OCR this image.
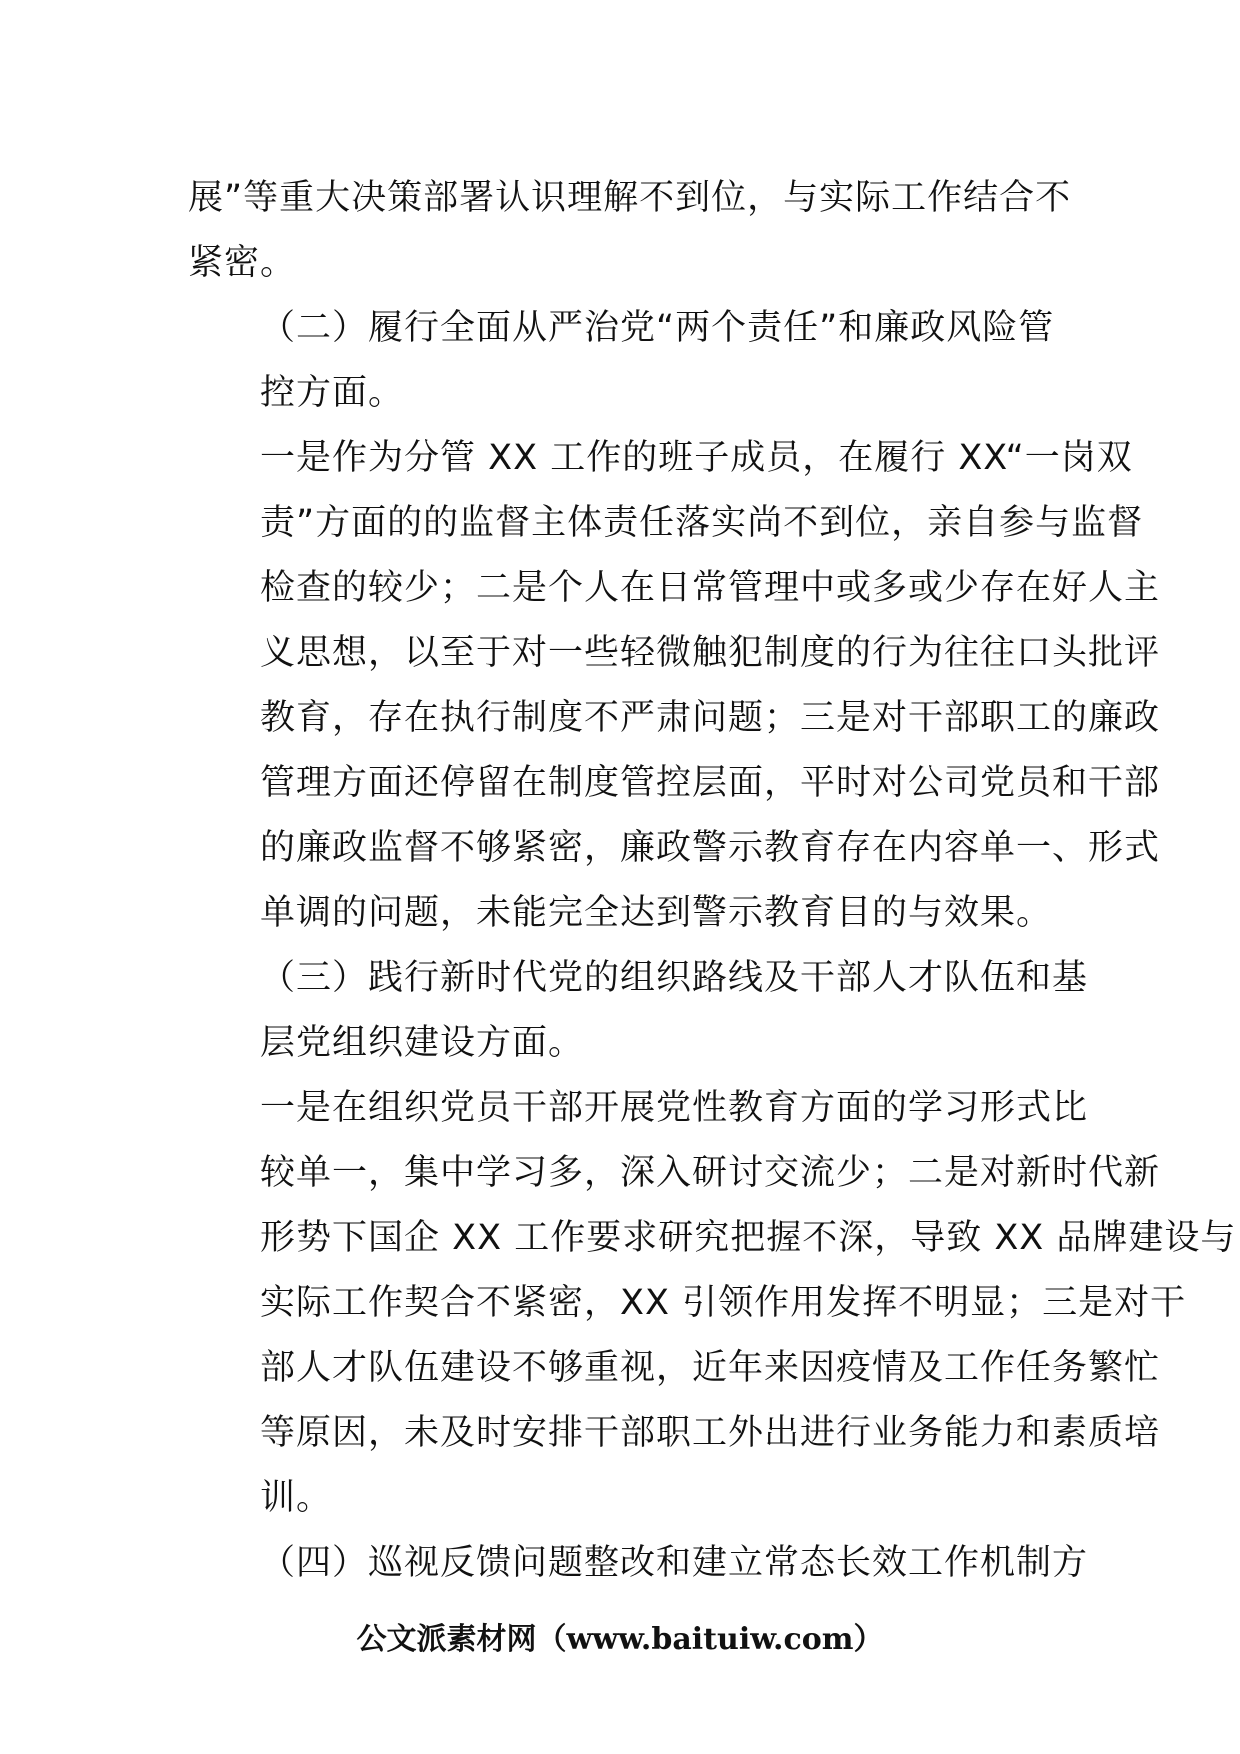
展”等重大决策部署认识理解不到位，与实际工作结合不
紧密。

（二）履行全面从严治党“两个责任”和廉政风险管
控方面。

一是作为分管 XX 工作的班子成员，在履行 XX“一岗双
责”方面的的监督主体责任落实尚不到位，亲自参与监督
检查的较少；二是个人在日常管理中或多或少存在好人主
义思想，以至于对一些轻微触犯制度的行为往往口头批评
教育，存在执行制度不严肃问题；三是对干部职工的廉政
管理方面还停留在制度管控层面，平时对公司党员和干部
的廉政监督不够紧密，廉政警示教育存在内容单一、形式
单调的问题，未能完全达到警示教育目的与效果。

（三）践行新时代党的组织路线及干部人才队伍和基
层党组织建设方面。

一是在组织党员干部开展党性教育方面的学习形式比
较单一，集中学习多，深入研讨交流少；二是对新时代新
形势下国企 XX 工作要求研究把握不深，导致 XX 品牌建设与
实际工作契合不紧密，XX 引领作用发挥不明显；三是对干
部人才队伍建设不够重视，近年来因疫情及工作任务繁忙
等原因，未及时安排干部职工外出进行业务能力和素质培
训。

（四）巡视反馈问题整改和建立常态长效工作机制方

公文派素材网（www.baituiw.com）
